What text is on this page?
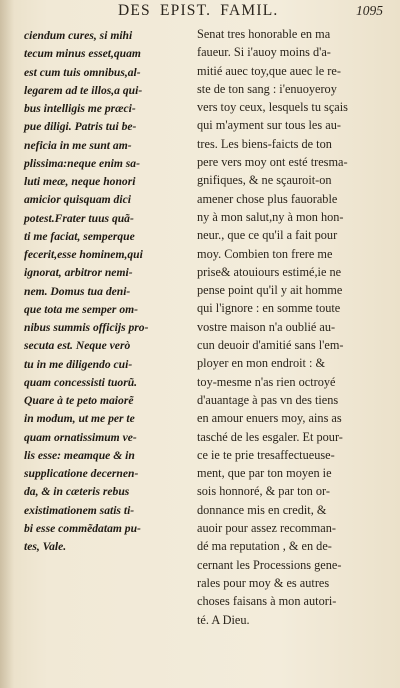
DES EPIST. FAMIL.	1095
ciendum cures, si mihi
tecum minus esset,quam
est cum tuis omnibus,al-
legarem ad te illos,a qui-
bus intelligis me præci-
pue diligi. Patris tui be-
neficia in me sunt am-
plissima:neque enim sa-
luti meæ, neque honori
amicior quisquam dici
potest.Frater tuus quã-
ti me faciat, semperque
fecerit,esse hominem,qui
ignorat, arbitror nemi-
nem. Domus tua deni-
que tota me semper om-
nibus summis officijs pro-
secuta est. Neque verò
tu in me diligendo cui-
quam concessisti tuorũ.
Quare à te peto maiorẽ
in modum, ut me per te
quam ornatissimum ve-
lis esse: meamque & in
supplicatione decernen-
da, & in cæteris rebus
existimationem satis ti-
bi esse commẽdatam pu-
tes, Vale.
Senat tres honorable en ma
faueur. Si i'auoy moins d'a-
mitié auec toy,que auec le re-
ste de ton sang : i'enuoyeroy
vers toy ceux, lesquels tu sçais
qui m'ayment sur tous les au-
tres. Les biens-faicts de ton
pere vers moy ont esté tresma-
gnifiques, & ne sçauroit-on
amener chose plus fauorable
ny à mon salut,ny à mon hon-
neur., que ce qu'il a fait pour
moy. Combien ton frere me
prise& atouiours estimé,ie ne
pense point qu'il y ait homme
qui l'ignore : en somme toute
vostre maison n'a oublié au-
cun deuoir d'amitié sans l'em-
ployer en mon endroit : &
toy-mesme n'as rien octroyé
d'auantage à pas vn des tiens
en amour enuers moy, ains as
tasché de les esgaler. Et pour-
ce ie te prie tresaffectueuse-
ment, que par ton moyen ie
sois honnoré, & par ton or-
donnance mis en credit, &
auoir pour assez recomman-
dé ma reputation , & en de-
cernant les Processions gene-
rales pour moy & es autres
choses faisans à mon autori-
té. A Dieu.
